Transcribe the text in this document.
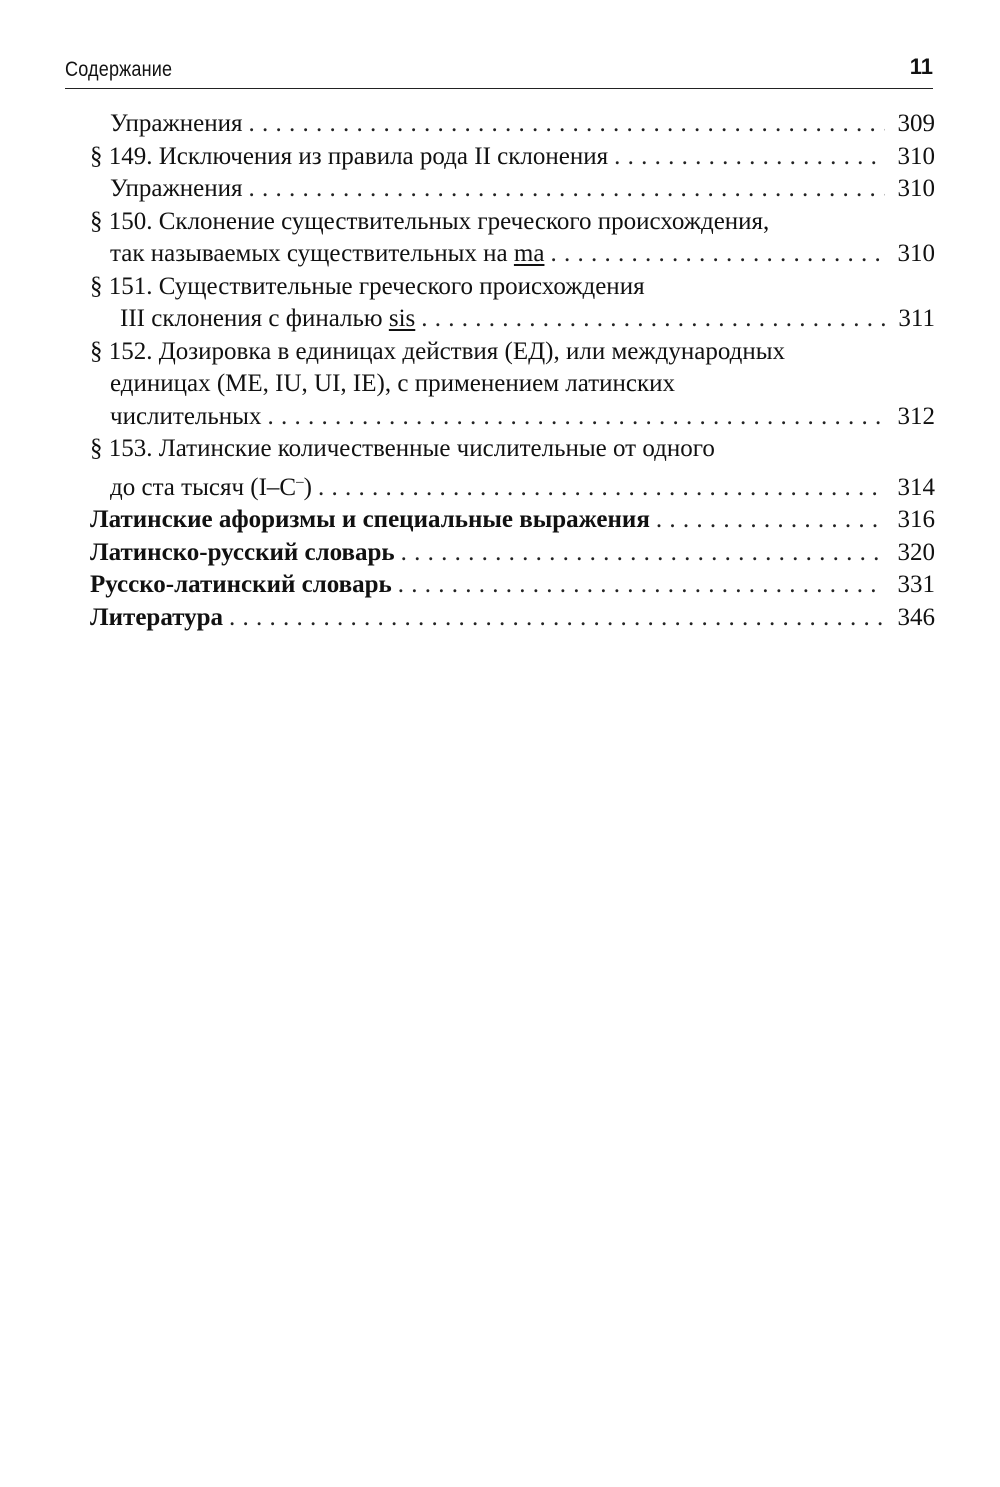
Содержание	11
Упражнения . . .	309
§ 149. Исключения из правила рода II склонения . . .	310
Упражнения . . .	310
§ 150. Склонение существительных греческого происхождения,
так называемых существительных на ma . . .	310
§ 151. Существительные греческого происхождения
III склонения с финалью sis . . .	311
§ 152. Дозировка в единицах действия (ЕД), или международных
единицах (ME, IU, UI, IE), с применением латинских
числительных . . .	312
§ 153. Латинские количественные числительные от одного
до ста тысяч (I–C–) . . .	314
Латинские афоризмы и специальные выражения . . .	316
Латинско-русский словарь . . .	320
Русско-латинский словарь . . .	331
Литература . . .	346
